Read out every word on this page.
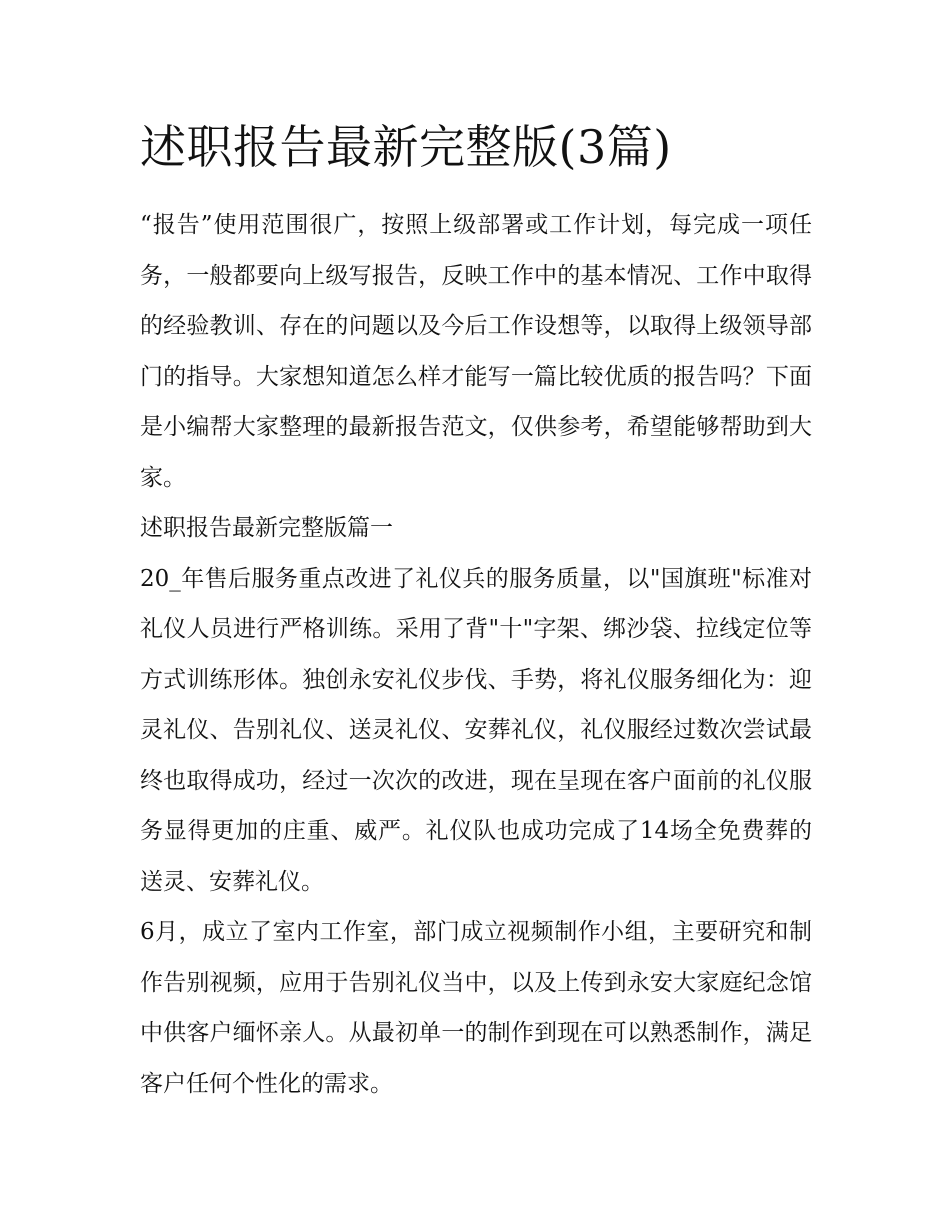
述职报告最新完整版(3篇)

“报告”使用范围很广，按照上级部署或工作计划，每完成一项任务，一般都要向上级写报告，反映工作中的基本情况、工作中取得的经验教训、存在的问题以及今后工作设想等，以取得上级领导部门的指导。大家想知道怎么样才能写一篇比较优质的报告吗？下面是小编帮大家整理的最新报告范文，仅供参考，希望能够帮助到大家。

述职报告最新完整版篇一

20_年售后服务重点改进了礼仪兵的服务质量，以"国旗班"标准对礼仪人员进行严格训练。采用了背"十"字架、绑沙袋、拉线定位等方式训练形体。独创永安礼仪步伐、手势，将礼仪服务细化为：迎灵礼仪、告别礼仪、送灵礼仪、安葬礼仪，礼仪服经过数次尝试最终也取得成功，经过一次次的改进，现在呈现在客户面前的礼仪服务显得更加的庄重、威严。礼仪队也成功完成了14场全免费葬的送灵、安葬礼仪。

6月，成立了室内工作室，部门成立视频制作小组，主要研究和制作告别视频，应用于告别礼仪当中，以及上传到永安大家庭纪念馆中供客户缅怀亲人。从最初单一的制作到现在可以熟悉制作，满足客户任何个性化的需求。
